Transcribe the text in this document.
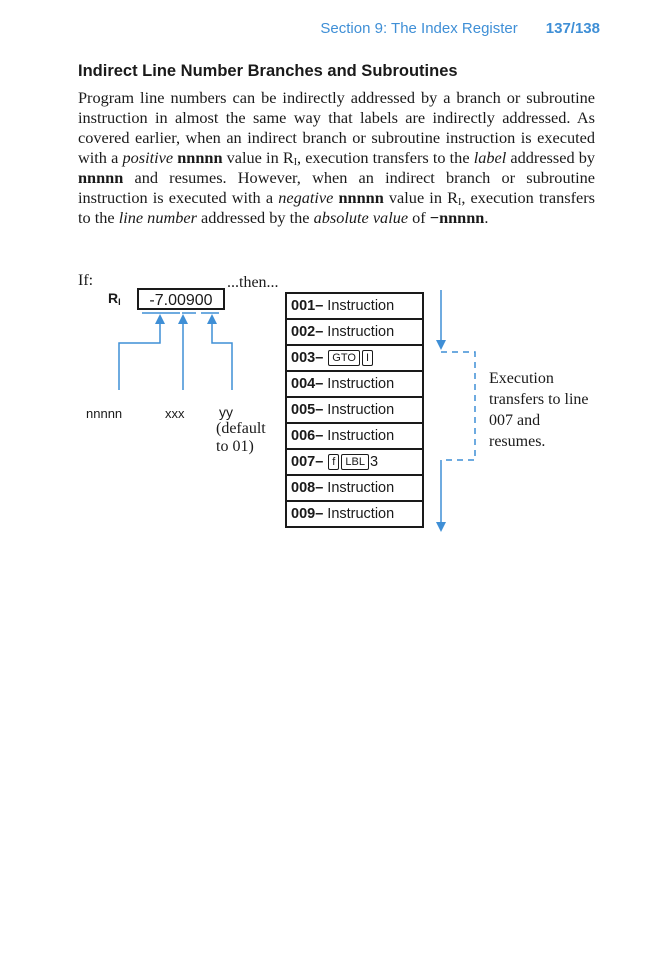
Section 9: The Index Register 137/138
Indirect Line Number Branches and Subroutines

Program line numbers can be indirectly addressed by a branch or subroutine instruction in almost the same way that labels are indirectly addressed. As covered earlier, when an indirect branch or subroutine instruction is executed with a positive nnnnn value in $R_I$, execution transfers to the label addressed by nnnnn and resumes. However, when an indirect branch or subroutine instruction is executed with a negative nnnnn value in $R_I$, execution transfers to the line number addressed by the absolute value of −nnnnn.

If:	...then...
$R_I$	-7.00900
nnnnn	xxx yy
(default
to 01)
001– Instruction
002– Instruction
003– GTO I
004– Instruction
005– Instruction
006– Instruction
007– f LBL 3
008– Instruction
009– Instruction
Execution transfers to line 007 and resumes.
